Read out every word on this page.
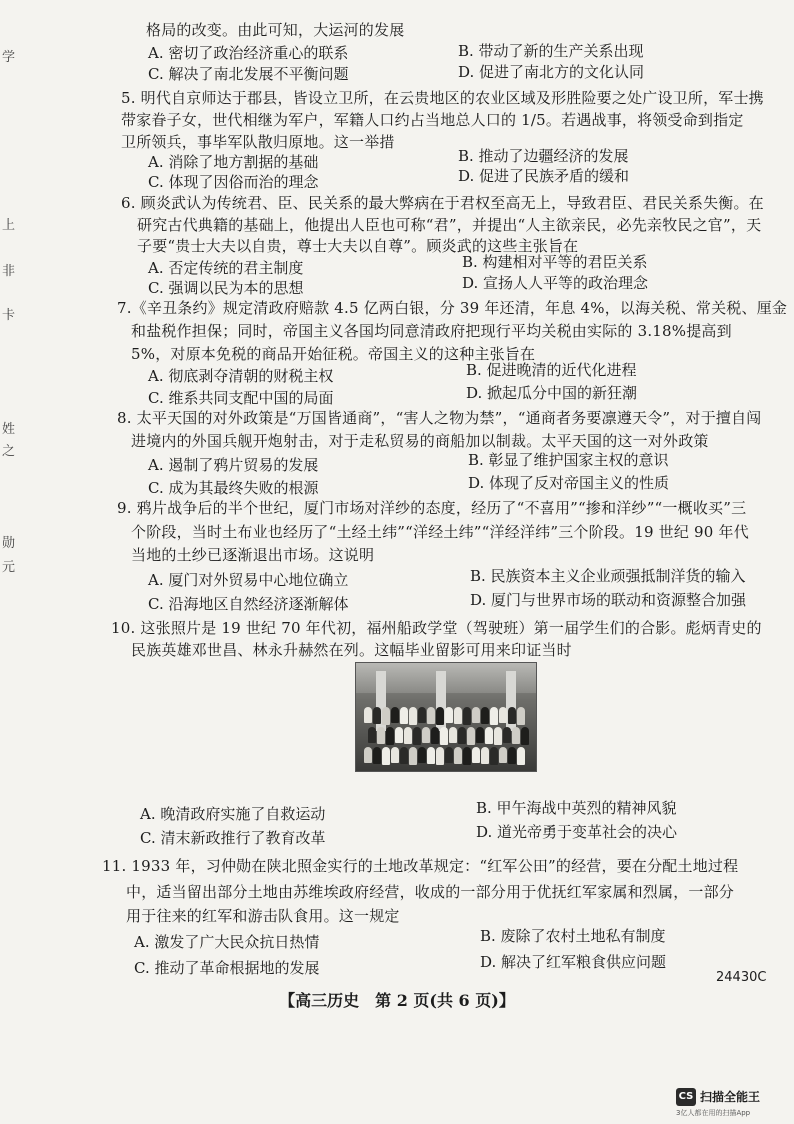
学
上
非
卡
姓
之
勋
元
格局的改变。由此可知，大运河的发展
A. 密切了政治经济重心的联系	B. 带动了新的生产关系出现
C. 解决了南北发展不平衡问题	D. 促进了南北方的文化认同
5. 明代自京师达于郡县，皆设立卫所，在云贵地区的农业区域及形胜险要之处广设卫所，军士携
带家眷子女，世代相继为军户，军籍人口约占当地总人口的 1/5。若遇战事，将领受命到指定
卫所领兵，事毕军队散归原地。这一举措
A. 消除了地方割据的基础	B. 推动了边疆经济的发展
C. 体现了因俗而治的理念	D. 促进了民族矛盾的缓和
6. 顾炎武认为传统君、臣、民关系的最大弊病在于君权至高无上，导致君臣、君民关系失衡。在
研究古代典籍的基础上，他提出人臣也可称“君”，并提出“人主欲亲民，必先亲牧民之官”，天
子要“贵士大夫以自贵，尊士大夫以自尊”。顾炎武的这些主张旨在
A. 否定传统的君主制度	B. 构建相对平等的君臣关系
C. 强调以民为本的思想	D. 宣扬人人平等的政治理念
7.《辛丑条约》规定清政府赔款 4.5 亿两白银，分 39 年还清，年息 4%，以海关税、常关税、厘金
和盐税作担保；同时，帝国主义各国均同意清政府把现行平均关税由实际的 3.18%提高到
5%，对原本免税的商品开始征税。帝国主义的这种主张旨在
A. 彻底剥夺清朝的财税主权	B. 促进晚清的近代化进程
C. 维系共同支配中国的局面	D. 掀起瓜分中国的新狂潮
8. 太平天国的对外政策是“万国皆通商”，“害人之物为禁”，“通商者务要凛遵天令”，对于擅自闯
进境内的外国兵舰开炮射击，对于走私贸易的商船加以制裁。太平天国的这一对外政策
A. 遏制了鸦片贸易的发展	B. 彰显了维护国家主权的意识
C. 成为其最终失败的根源	D. 体现了反对帝国主义的性质
9. 鸦片战争后的半个世纪，厦门市场对洋纱的态度，经历了“不喜用”“掺和洋纱”“一概收买”三
个阶段，当时土布业也经历了“土经土纬”“洋经土纬”“洋经洋纬”三个阶段。19 世纪 90 年代
当地的土纱已逐渐退出市场。这说明
A. 厦门对外贸易中心地位确立	B. 民族资本主义企业顽强抵制洋货的输入
C. 沿海地区自然经济逐渐解体	D. 厦门与世界市场的联动和资源整合加强
10. 这张照片是 19 世纪 70 年代初，福州船政学堂（驾驶班）第一届学生们的合影。彪炳青史的
民族英雄邓世昌、林永升赫然在列。这幅毕业留影可用来印证当时
A. 晚清政府实施了自救运动	B. 甲午海战中英烈的精神风貌
C. 清末新政推行了教育改革	D. 道光帝勇于变革社会的决心
11. 1933 年，习仲勋在陕北照金实行的土地改革规定：“红军公田”的经营，要在分配土地过程
中，适当留出部分土地由苏维埃政府经营，收成的一部分用于优抚红军家属和烈属，一部分
用于往来的红军和游击队食用。这一规定
A. 激发了广大民众抗日热情	B. 废除了农村土地私有制度
C. 推动了革命根据地的发展	D. 解决了红军粮食供应问题
24430C
【高三历史　第 2 页(共 6 页)】
CS 扫描全能王
3亿人都在用的扫描App
